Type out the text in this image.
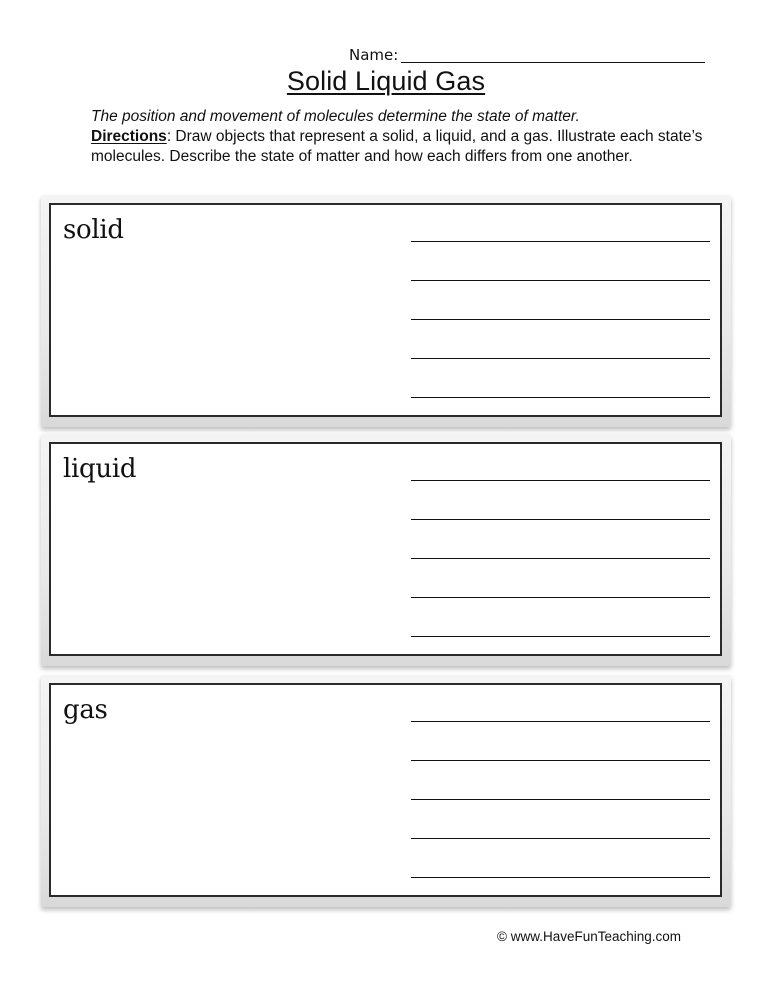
Name:
Solid Liquid Gas
The position and movement of molecules determine the state of matter.
Directions: Draw objects that represent a solid, a liquid, and a gas. Illustrate each state’s molecules. Describe the state of matter and how each differs from one another.
solid
liquid
gas
© www.HaveFunTeaching.com
